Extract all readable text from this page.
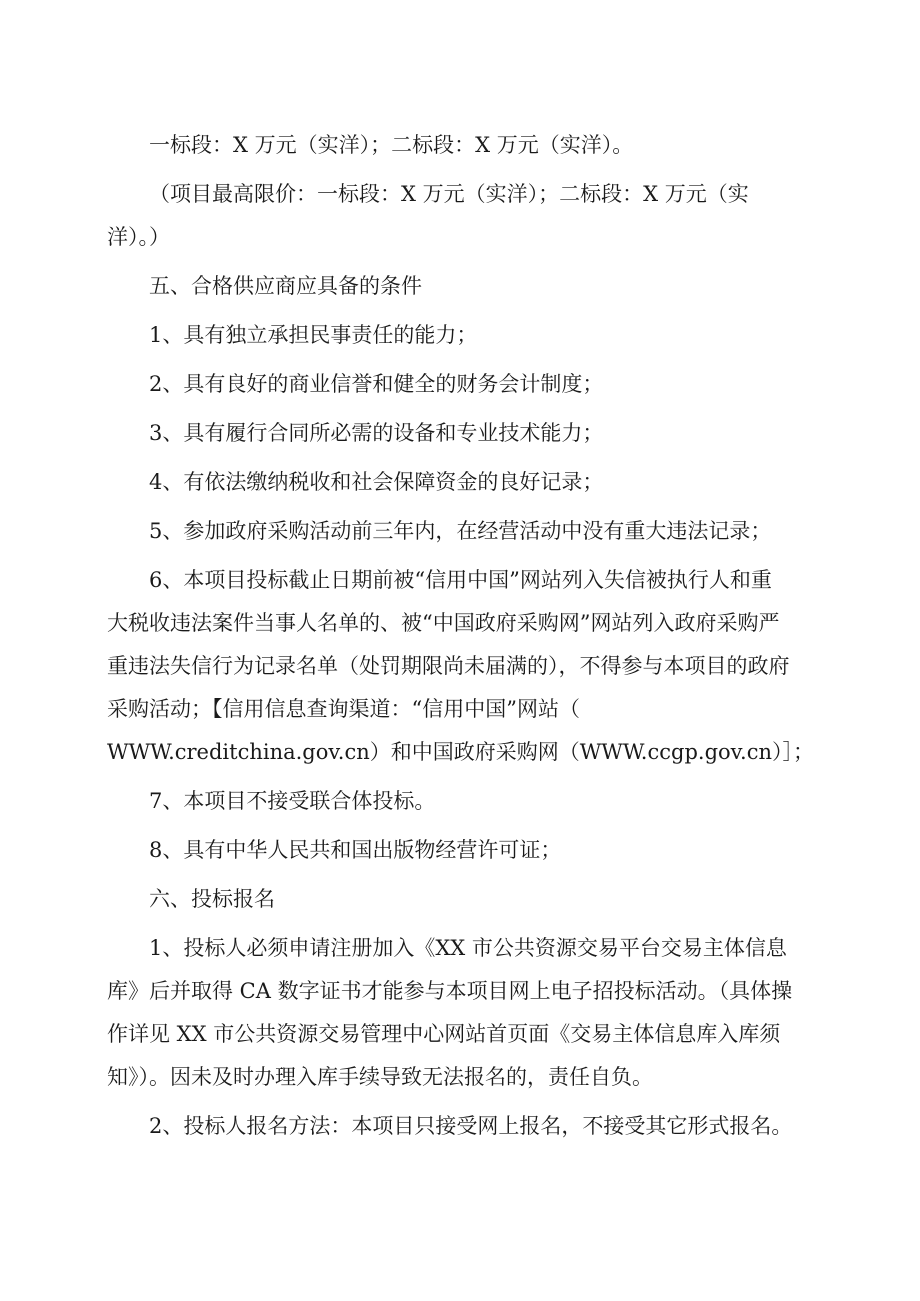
一标段：X 万元（实洋）；二标段：X 万元（实洋）。

（项目最高限价：一标段：X 万元（实洋）；二标段：X 万元（实
洋）。）

五、合格供应商应具备的条件

1、具有独立承担民事责任的能力；

2、具有良好的商业信誉和健全的财务会计制度；

3、具有履行合同所必需的设备和专业技术能力；

4、有依法缴纳税收和社会保障资金的良好记录；

5、参加政府采购活动前三年内，在经营活动中没有重大违法记录；

6、本项目投标截止日期前被“信用中国”网站列入失信被执行人和重
大税收违法案件当事人名单的、被“中国政府采购网”网站列入政府采购严
重违法失信行为记录名单（处罚期限尚未届满的），不得参与本项目的政府
采购活动；【信用信息查询渠道：“信用中国”网站（
WWW.creditchina.gov.cn）和中国政府采购网（WWW.ccgp.gov.cn）］；

7、本项目不接受联合体投标。

8、具有中华人民共和国出版物经营许可证；

六、投标报名

1、投标人必须申请注册加入《XX 市公共资源交易平台交易主体信息
库》后并取得 CA 数字证书才能参与本项目网上电子招投标活动。（具体操
作详见 XX 市公共资源交易管理中心网站首页面《交易主体信息库入库须
知》）。因未及时办理入库手续导致无法报名的，责任自负。

2、投标人报名方法：本项目只接受网上报名，不接受其它形式报名。
